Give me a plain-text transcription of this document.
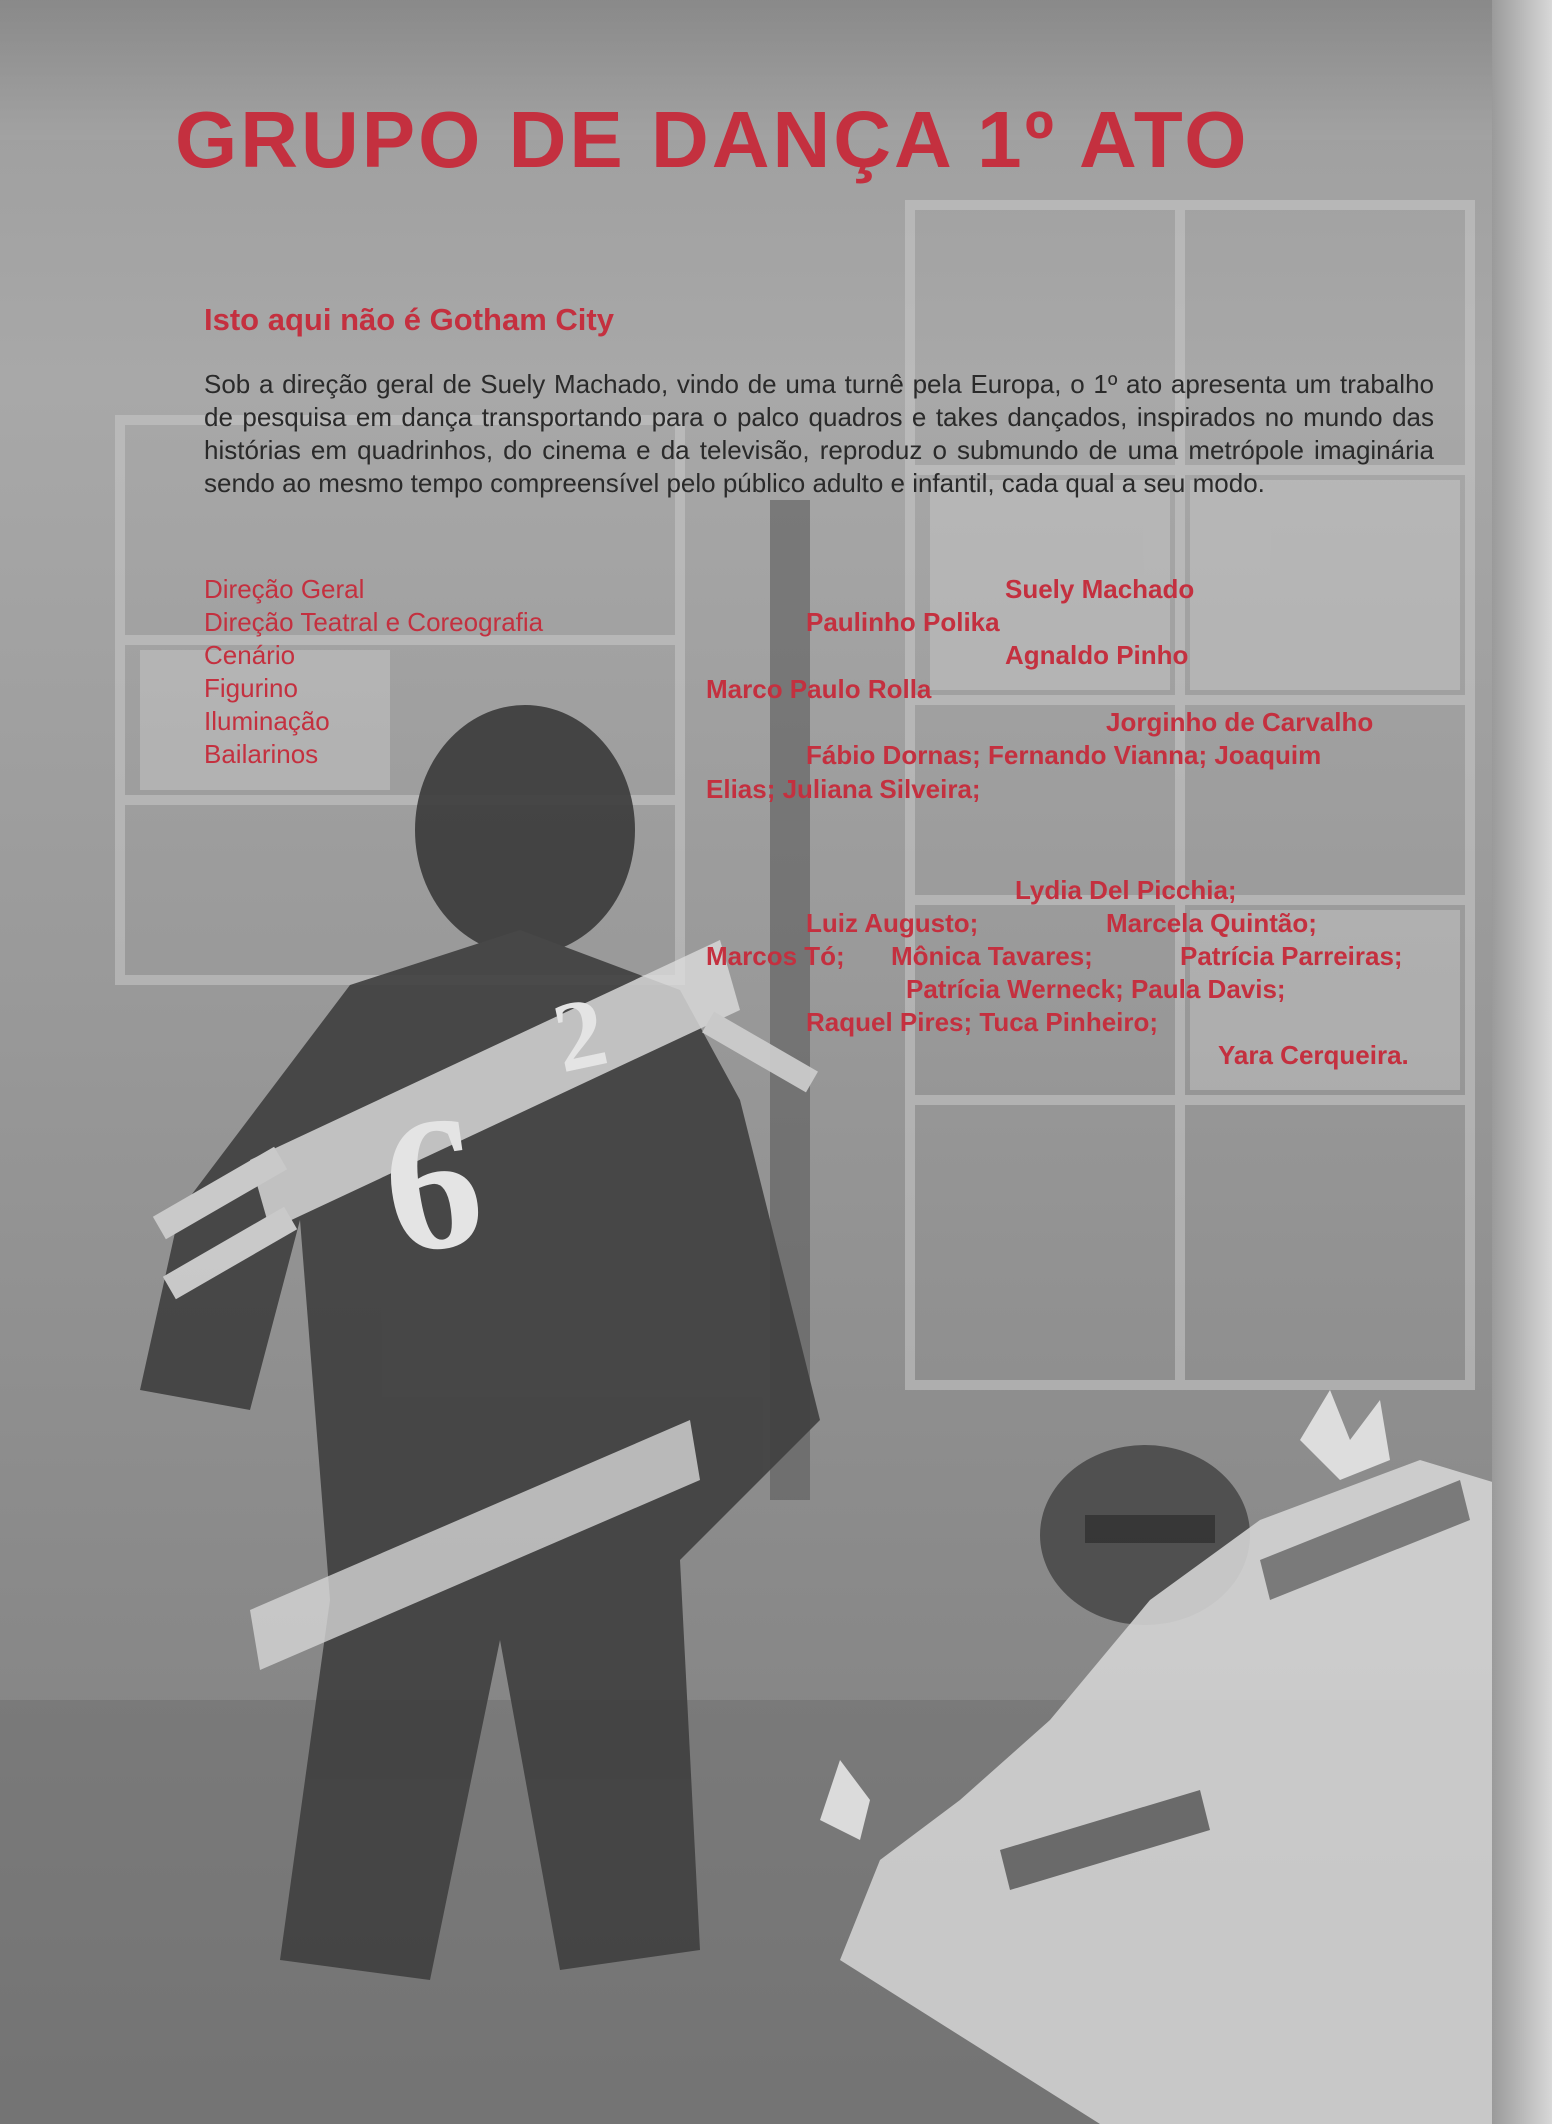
6
2
GRUPO DE DANÇA 1º ATO
Isto aqui não é Gotham City

Sob a direção geral de Suely Machado, vindo de uma turnê pela Europa, o 1º ato apresenta um trabalho de pesquisa em dança transportando para o palco quadros e takes dançados, inspirados no mundo das histórias em quadrinhos, do cinema e da televisão, reproduz o submundo de uma metrópole imaginária sendo ao mesmo tempo compreensível pelo público adulto e infantil, cada qual a seu modo.

Direção Geral
Direção Teatral e Coreografia
Cenário
Figurino
Iluminação
Bailarinos
Suely Machado
Paulinho Polika
Agnaldo Pinho
Marco Paulo Rolla
Jorginho de Carvalho
Fábio Dornas; Fernando Vianna; Joaquim
Elias; Juliana Silveira;
Lydia Del Picchia;
Luiz Augusto;	Marcela Quintão;
Marcos Tó; Mônica Tavares;	Patrícia Parreiras;
Patrícia Werneck; Paula Davis;
Raquel Pires; Tuca Pinheiro;
Yara Cerqueira.
